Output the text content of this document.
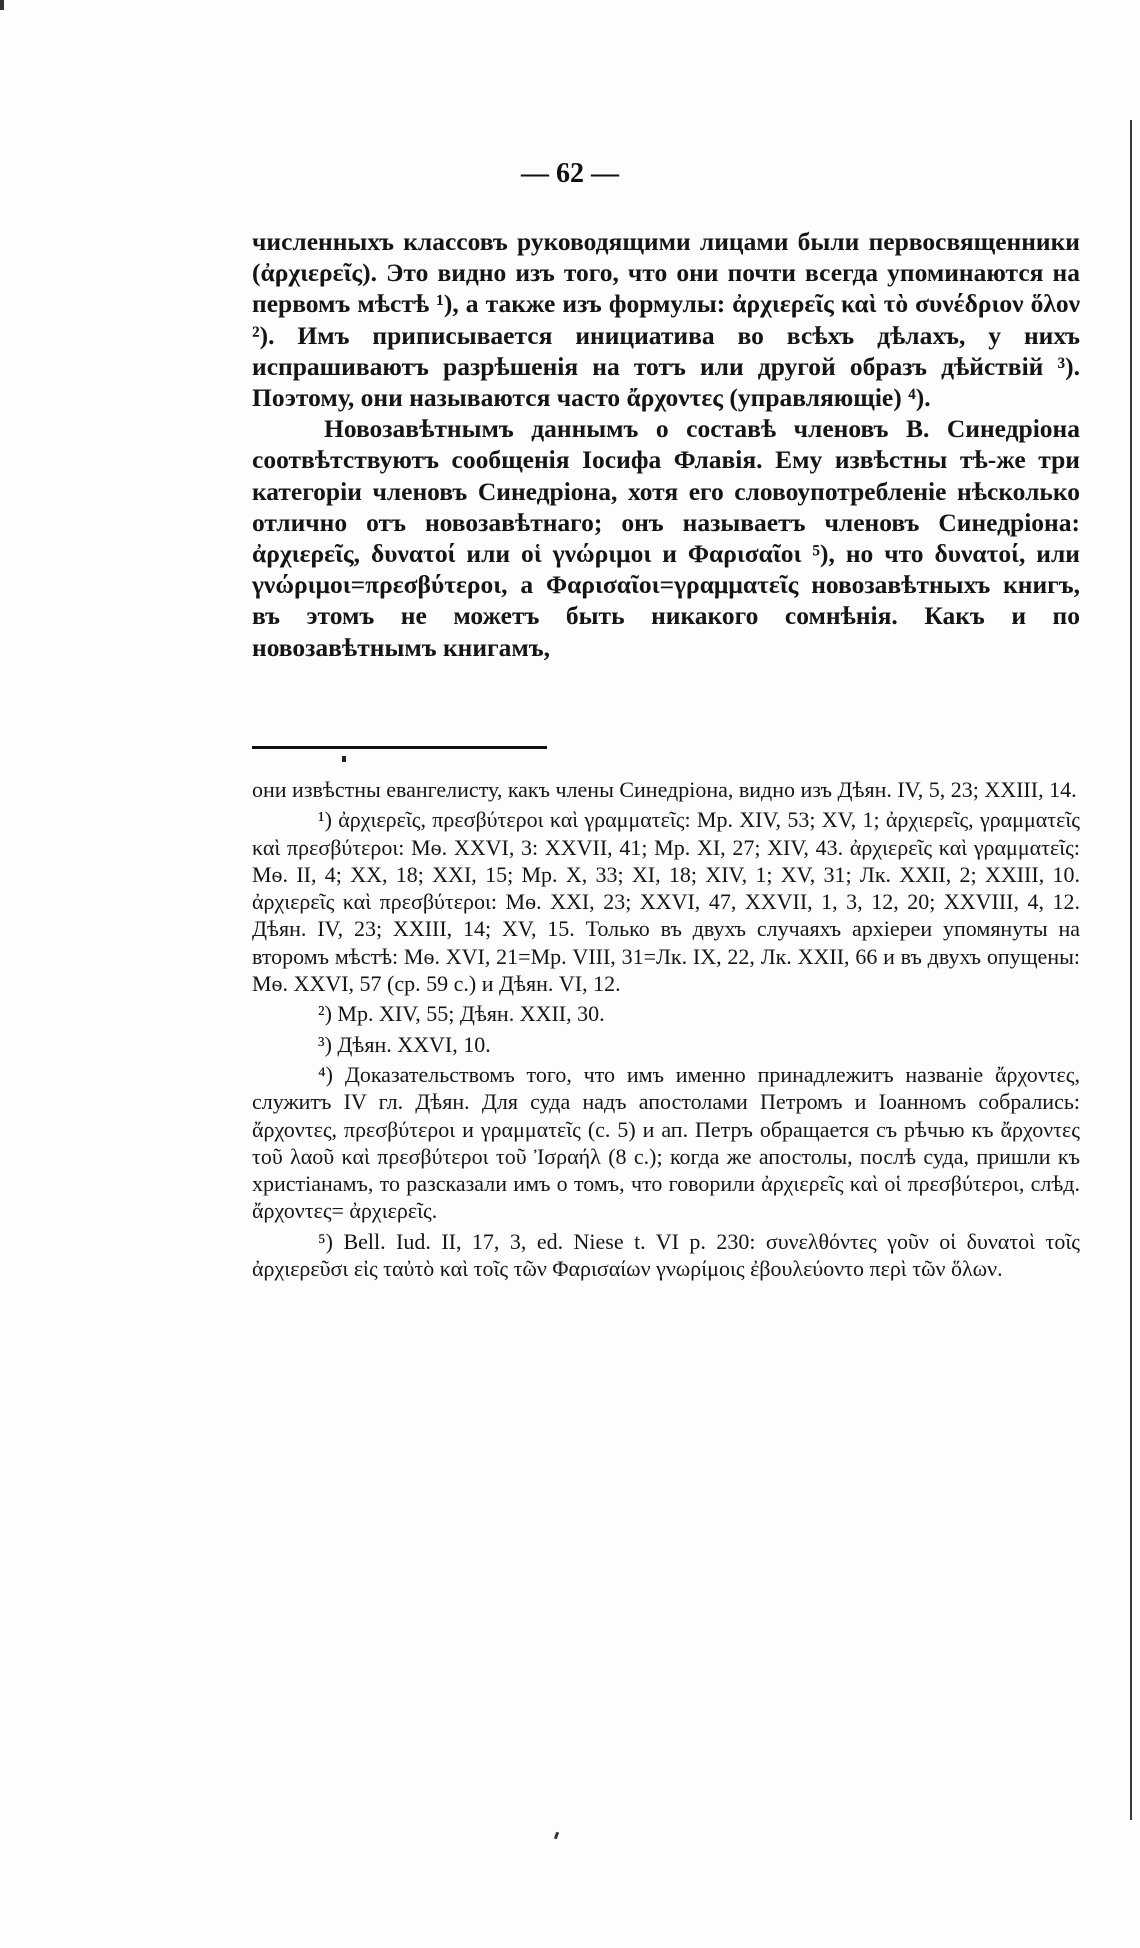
— 62 —

численныхъ классовъ руководящими лицами были первосвященники (ἀρχιερεῖς). Это видно изъ того, что они почти всегда упоминаются на первомъ мѣстѣ ¹), а также изъ формулы: ἀρχιερεῖς καὶ τὸ συνέδριον ὅλον ²). Имъ приписывается инициатива во всѣхъ дѣлахъ, у нихъ испрашиваютъ разрѣшенія на тотъ или другой образъ дѣйствій ³). Поэтому, они называются часто ἄρχοντες (управляющіе) ⁴).

Новозавѣтнымъ даннымъ о составѣ членовъ В. Синедріона соотвѣтствуютъ сообщенія Іосифа Флавія. Ему извѣстны тѣ-же три категоріи членовъ Синедріона, хотя его словоупотребленіе нѣсколько отлично отъ новозавѣтнаго; онъ называетъ членовъ Синедріона: ἀρχιερεῖς, δυνατοί или οἱ γνώριμοι и Φαρισαῖοι ⁵), но что δυνατοί, или γνώριμοι=πρεσβύτεροι, а Φαρισαῖοι=γραμματεῖς новозавѣтныхъ книгъ, въ этомъ не можетъ быть никакого сомнѣнія. Какъ и по новозавѣтнымъ книгамъ,

они извѣстны евангелисту, какъ члены Синедріона, видно изъ Дѣян. IV, 5, 23; XXIII, 14.

¹) ἀρχιερεῖς, πρεσβύτεροι καὶ γραμματεῖς: Мр. XIV, 53; XV, 1; ἀρχιερεῖς, γραμματεῖς καὶ πρεσβύτεροι: Мѳ. XXVI, 3: XXVII, 41; Мр. XI, 27; XIV, 43. ἀρχιερεῖς καὶ γραμματεῖς: Мѳ. II, 4; XX, 18; XXI, 15; Мр. X, 33; XI, 18; XIV, 1; XV, 31; Лк. XXII, 2; XXIII, 10. ἀρχιερεῖς καὶ πρεσβύτεροι: Мѳ. XXI, 23; XXVI, 47, XXVII, 1, 3, 12, 20; XXVIII, 4, 12. Дѣян. IV, 23; XXIII, 14; XV, 15. Только въ двухъ случаяхъ архіереи упомянуты на второмъ мѣстѣ: Мѳ. XVI, 21=Мр. VIII, 31=Лк. IX, 22, Лк. XXII, 66 и въ двухъ опущены: Мѳ. XXVI, 57 (ср. 59 с.) и Дѣян. VI, 12.

²) Мр. XIV, 55; Дѣян. XXII, 30.

³) Дѣян. XXVI, 10.

⁴) Доказательствомъ того, что имъ именно принадлежитъ названіе ἄρχοντες, служитъ IV гл. Дѣян. Для суда надъ апостолами Петромъ и Іоанномъ собрались: ἄρχοντες, πρεσβύτεροι и γραμματεῖς (с. 5) и ап. Петръ обращается съ рѣчью къ ἄρχοντες τοῦ λαοῦ καὶ πρεσβύτεροι τοῦ Ἰσραήλ (8 с.); когда же апостолы, послѣ суда, пришли къ христіанамъ, то разсказали имъ о томъ, что говорили ἀρχιερεῖς καὶ οἱ πρεσβύτεροι, слѣд. ἄρχοντες= ἀρχιερεῖς.

⁵) Bell. Iud. II, 17, 3, ed. Niese t. VI p. 230: συνελθόντες γοῦν οἱ δυνατοὶ τοῖς ἀρχιερεῦσι εἰς ταὐτὸ καὶ τοῖς τῶν Φαρισαίων γνωρίμοις ἐβουλεύοντο περὶ τῶν ὅλων.
